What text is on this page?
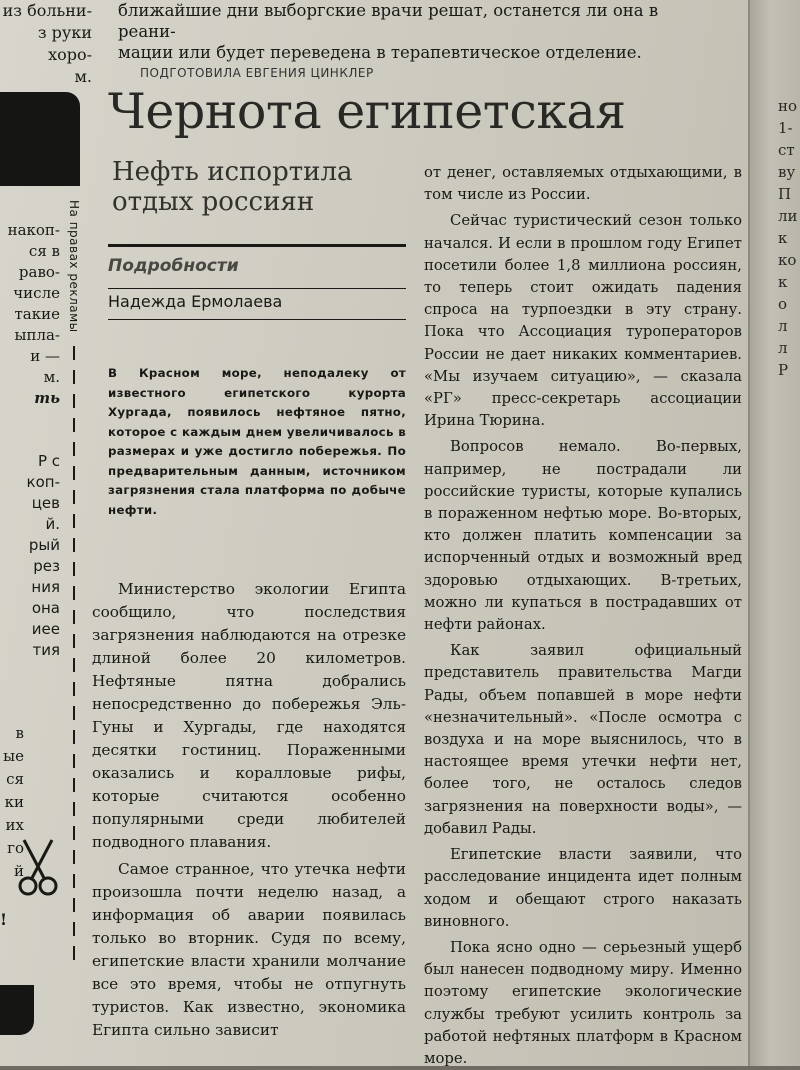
из больни-
з руки хоро-
м.
ближайшие дни выборгские врачи решат, останется ли она в реани-
мации или будет переведена в терапевтическое отделение.
ПОДГОТОВИЛА ЕВГЕНИЯ ЦИНКЛЕР
накоп-
ся в
раво-
числе
такие
ыпла-
и —
м.
ть
Р с
коп-
цев
й.
рый
рез
ния
она
иее
тия
в
ые
ся
ки
их
го
й
На правах рекламы
!
Чернота египетская
Нефть испортила отдых россиян
Подробности
Надежда Ермолаева

В Красном море, неподалеку от известного египетского курорта Хургада, появилось нефтяное пятно, которое с каждым днем увеличивалось в размерах и уже достигло побережья. По предварительным данным, источником загрязнения стала платформа по добыче нефти.

Министерство экологии Египта сообщило, что последствия загрязнения наблюдаются на отрезке длиной более 20 километров. Нефтяные пятна добрались непосредственно до побережья Эль-Гуны и Хургады, где находятся десятки гостиниц. Пораженными оказались и коралловые рифы, которые считаются особенно популярными среди любителей подводного плавания.

Самое странное, что утечка нефти произошла почти неделю назад, а информация об аварии появилась только во вторник. Судя по всему, египетские власти хранили молчание все это время, чтобы не отпугнуть туристов. Как известно, экономика Египта сильно зависит

от денег, оставляемых отдыхающими, в том числе из России.

Сейчас туристический сезон только начался. И если в прошлом году Египет посетили более 1,8 миллиона россиян, то теперь стоит ожидать падения спроса на турпоездки в эту страну. Пока что Ассоциация туроператоров России не дает никаких комментариев. «Мы изучаем ситуацию», — сказала «РГ» пресс-секретарь ассоциации Ирина Тюрина.

Вопросов немало. Во-первых, например, не пострадали ли российские туристы, которые купались в пораженном нефтью море. Во-вторых, кто должен платить компенсации за испорченный отдых и возможный вред здоровью отдыхающих. В-третьих, можно ли купаться в пострадавших от нефти районах.

Как заявил официальный представитель правительства Магди Рады, объем попавшей в море нефти «незначительный». «После осмотра с воздуха и на море выяснилось, что в настоящее время утечки нефти нет, более того, не осталось следов загрязнения на поверхности воды», — добавил Рады.

Египетские власти заявили, что расследование инцидента идет полным ходом и обещают строго наказать виновного.

Пока ясно одно — серьезный ущерб был нанесен подводному миру. Именно поэтому египетские экологические службы требуют усилить контроль за работой нефтяных платформ в Красном море.

но
1-
ст
ву
П
ли
к
ко
к
о
л
л
Р
